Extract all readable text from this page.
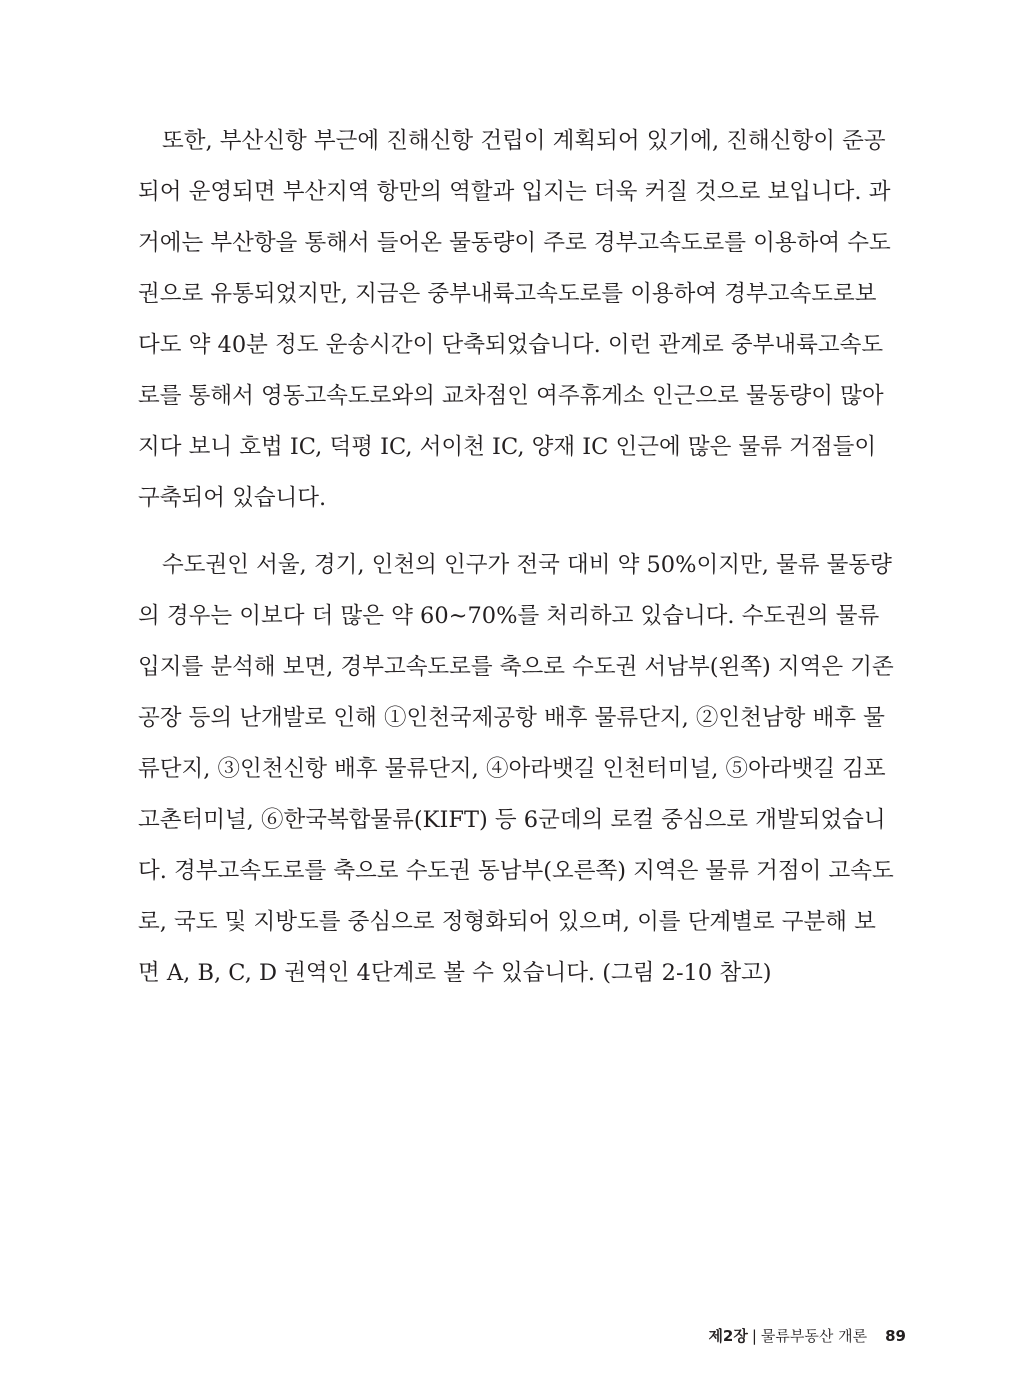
또한, 부산신항 부근에 진해신항 건립이 계획되어 있기에, 진해신항이 준공
되어 운영되면 부산지역 항만의 역할과 입지는 더욱 커질 것으로 보입니다. 과
거에는 부산항을 통해서 들어온 물동량이 주로 경부고속도로를 이용하여 수도
권으로 유통되었지만, 지금은 중부내륙고속도로를 이용하여 경부고속도로보
다도 약 40분 정도 운송시간이 단축되었습니다. 이런 관계로 중부내륙고속도
로를 통해서 영동고속도로와의 교차점인 여주휴게소 인근으로 물동량이 많아
지다 보니 호법 IC, 덕평 IC, 서이천 IC, 양재 IC 인근에 많은 물류 거점들이
구축되어 있습니다.
수도권인 서울, 경기, 인천의 인구가 전국 대비 약 50%이지만, 물류 물동량
의 경우는 이보다 더 많은 약 60~70%를 처리하고 있습니다. 수도권의 물류
입지를 분석해 보면, 경부고속도로를 축으로 수도권 서남부(왼쪽) 지역은 기존
공장 등의 난개발로 인해 ①인천국제공항 배후 물류단지, ②인천남항 배후 물
류단지, ③인천신항 배후 물류단지, ④아라뱃길 인천터미널, ⑤아라뱃길 김포
고촌터미널, ⑥한국복합물류(KIFT) 등 6군데의 로컬 중심으로 개발되었습니
다. 경부고속도로를 축으로 수도권 동남부(오른쪽) 지역은 물류 거점이 고속도
로, 국도 및 지방도를 중심으로 정형화되어 있으며, 이를 단계별로 구분해 보
면 A, B, C, D 권역인 4단계로 볼 수 있습니다. (그림 2-10 참고)
제2장 | 물류부동산 개론 89
